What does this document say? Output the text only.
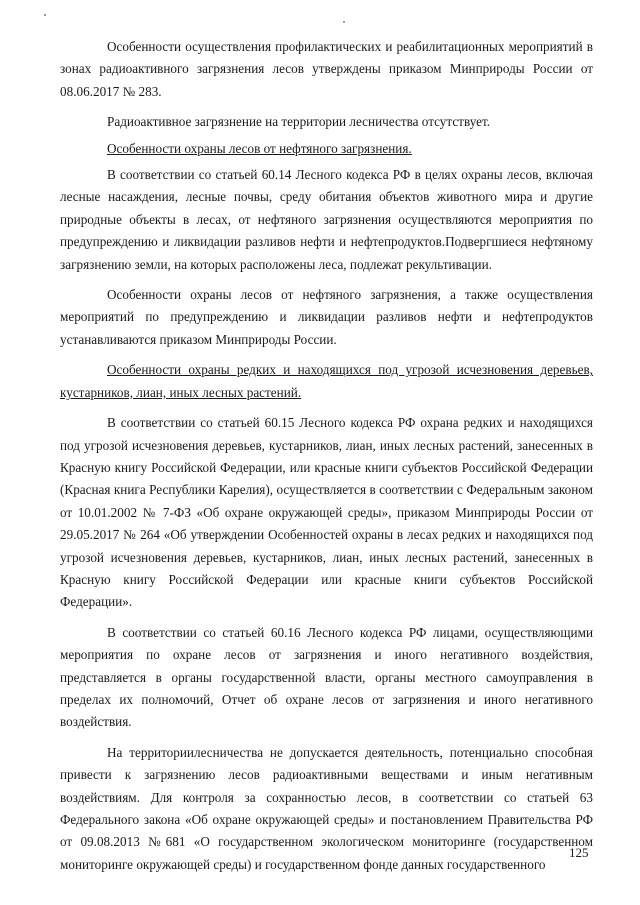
Особенности осуществления профилактических и реабилитационных мероприятий в зонах радиоактивного загрязнения лесов утверждены приказом Минприроды России от 08.06.2017 № 283.

Радиоактивное загрязнение на территории лесничества отсутствует.

Особенности охраны лесов от нефтяного загрязнения.

В соответствии со статьей 60.14 Лесного кодекса РФ в целях охраны лесов, включая лесные насаждения, лесные почвы, среду обитания объектов животного мира и другие природные объекты в лесах, от нефтяного загрязнения осуществляются мероприятия по предупреждению и ликвидации разливов нефти и нефтепродуктов.Подвергшиеся нефтяному загрязнению земли, на которых расположены леса, подлежат рекультивации.

Особенности охраны лесов от нефтяного загрязнения, а также осуществления мероприятий по предупреждению и ликвидации разливов нефти и нефтепродуктов устанавливаются приказом Минприроды России.

Особенности охраны редких и находящихся под угрозой исчезновения деревьев, кустарников, лиан, иных лесных растений.

В соответствии со статьей 60.15 Лесного кодекса РФ охрана редких и находящихся под угрозой исчезновения деревьев, кустарников, лиан, иных лесных растений, занесенных в Красную книгу Российской Федерации, или красные книги субъектов Российской Федерации (Красная книга Республики Карелия), осуществляется в соответствии с Федеральным законом от 10.01.2002 № 7-ФЗ «Об охране окружающей среды», приказом Минприроды России от 29.05.2017 № 264 «Об утверждении Особенностей охраны в лесах редких и находящихся под угрозой исчезновения деревьев, кустарников, лиан, иных лесных растений, занесенных в Красную книгу Российской Федерации или красные книги субъектов Российской Федерации».

В соответствии со статьей 60.16 Лесного кодекса РФ лицами, осуществляющими мероприятия по охране лесов от загрязнения и иного негативного воздействия, представляется в органы государственной власти, органы местного самоуправления в пределах их полномочий, Отчет об охране лесов от загрязнения и иного негативного воздействия.

На территориилесничества не допускается деятельность, потенциально способная привести к загрязнению лесов радиоактивными веществами и иным негативным воздействиям. Для контроля за сохранностью лесов, в соответствии со статьей 63 Федерального закона «Об охране окружающей среды» и постановлением Правительства РФ от 09.08.2013 №681 «О государственном экологическом мониторинге (государственном мониторинге окружающей среды) и государственном фонде данных государственного

125
